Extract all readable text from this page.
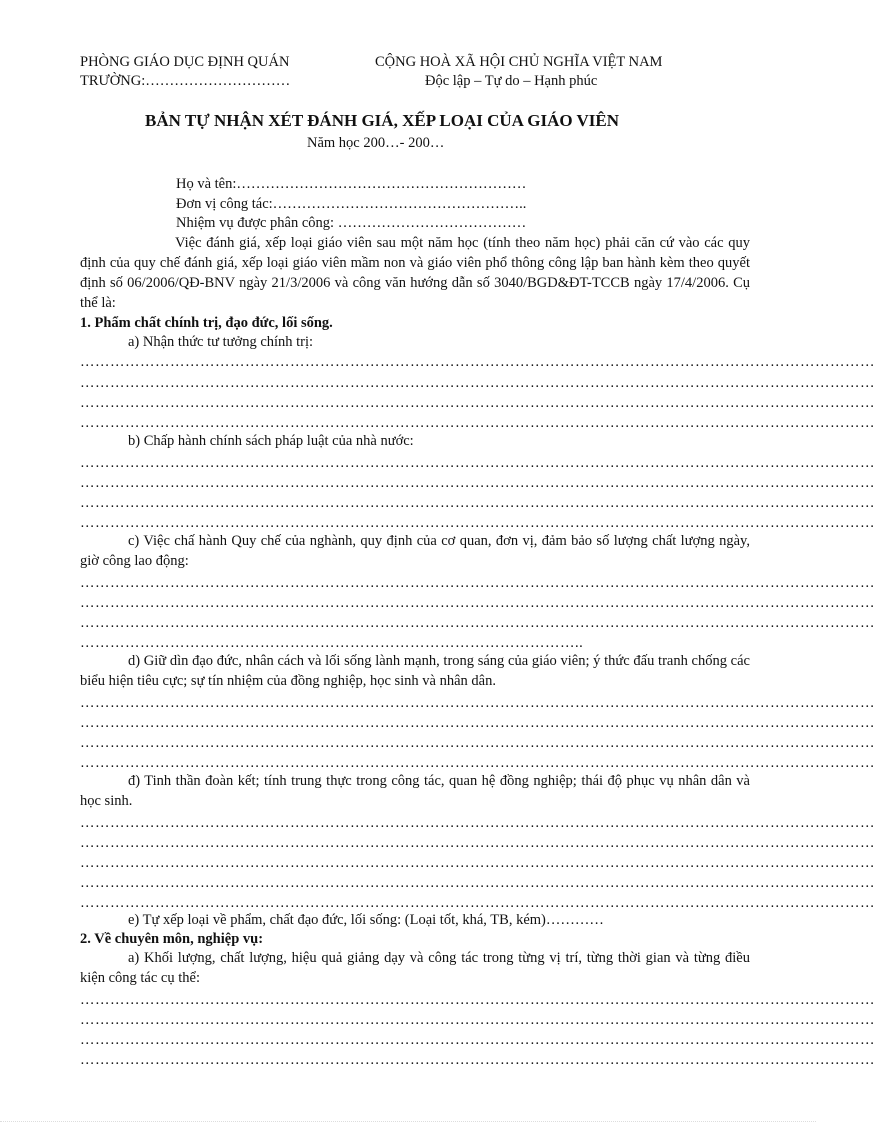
PHÒNG GIÁO DỤC ĐỊNH QUÁN
TRƯỜNG:…………………………
CỘNG HOÀ XÃ HỘI CHỦ NGHĨA VIỆT NAM
Độc lập – Tự do – Hạnh phúc
BẢN TỰ NHẬN XÉT ĐÁNH GIÁ, XẾP LOẠI CỦA GIÁO VIÊN
Năm học 200…- 200…
Họ và tên:……………………………………………………
Đơn vị công tác:……………………………………………..
Nhiệm vụ được phân công: …………………………………
Việc đánh giá, xếp loại giáo viên sau một năm học (tính theo năm học) phải căn cứ vào các quy định của quy chế đánh giá, xếp loại giáo viên mầm non và giáo viên phổ thông công lập ban hành kèm theo quyết định số 06/2006/QĐ-BNV ngày 21/3/2006 và công văn hướng dẫn số 3040/BGD&ĐT-TCCB ngày 17/4/2006. Cụ thể là:
1. Phẩm chất chính trị, đạo đức, lối sống.
a) Nhận thức tư tưởng chính trị:
……………………………………………………………………………………………………………………………………………
……………………………………………………………………………………………………………………………………………
……………………………………………………………………………………………………………………………………………
……………………………………………………………………………………………………………………………………………
b) Chấp hành chính sách pháp luật của nhà nước:
……………………………………………………………………………………………………………………………………………
……………………………………………………………………………………………………………………………………………
……………………………………………………………………………………………………………………………………………
……………………………………………………………………………………………………………………………………………
c) Việc chấ hành Quy chế của nghành, quy định của cơ quan, đơn vị, đảm bảo số lượng chất lượng ngày, giờ công lao động:
……………………………………………………………………………………………………………………………………………
……………………………………………………………………………………………………………………………………………
……………………………………………………………………………………………………………………………………………
………………………………………………………………………………………..
d) Giữ dìn đạo đức, nhân cách và lối sống lành mạnh, trong sáng của giáo viên; ý thức đấu tranh chống các biểu hiện tiêu cực; sự tín nhiệm của đồng nghiệp, học sinh và nhân dân.
……………………………………………………………………………………………………………………………………………
……………………………………………………………………………………………………………………………………………
……………………………………………………………………………………………………………………………………………
……………………………………………………………………………………………………………………………………………
đ) Tinh thần đoàn kết; tính trung thực trong công tác, quan hệ đồng nghiệp; thái độ phục vụ nhân dân và học sinh.
……………………………………………………………………………………………………………………………………………
……………………………………………………………………………………………………………………………………………
……………………………………………………………………………………………………………………………………………
……………………………………………………………………………………………………………………………………………
……………………………………………………………………………………………………………………………………………
e) Tự xếp loại về phẩm, chất đạo đức, lối sống: (Loại tốt, khá, TB, kém)…………
2. Về chuyên môn, nghiệp vụ:
a) Khối lượng, chất lượng, hiệu quả giảng dạy và công tác trong từng vị trí, từng thời gian và từng điều kiện công tác cụ thể:
……………………………………………………………………………………………………………………………………………
……………………………………………………………………………………………………………………………………………
……………………………………………………………………………………………………………………………………………
……………………………………………………………………………………………………………………………………………
